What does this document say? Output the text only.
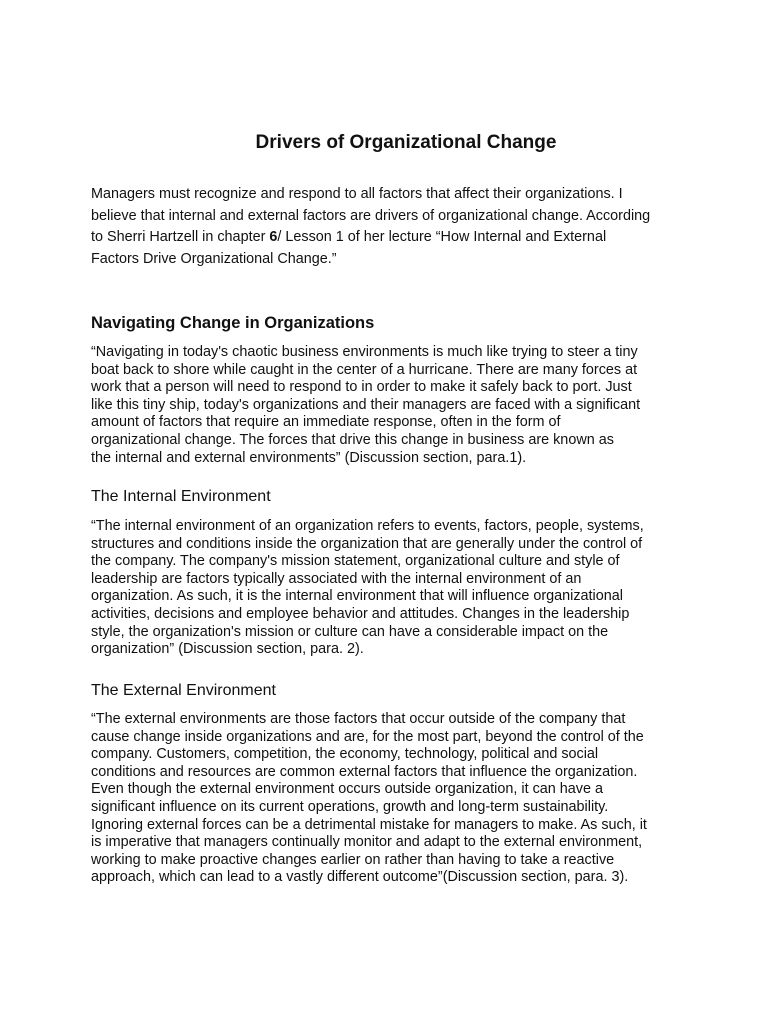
Drivers of Organizational Change
Managers must recognize and respond to all factors that affect their organizations. I
believe that internal and external factors are drivers of organizational change. According
to Sherri Hartzell in chapter 6/ Lesson 1 of her lecture “How Internal and External
Factors Drive Organizational Change.”
Navigating Change in Organizations
“Navigating in today's chaotic business environments is much like trying to steer a tiny
boat back to shore while caught in the center of a hurricane. There are many forces at
work that a person will need to respond to in order to make it safely back to port. Just
like this tiny ship, today's organizations and their managers are faced with a significant
amount of factors that require an immediate response, often in the form of
organizational change. The forces that drive this change in business are known as
the internal and external environments” (Discussion section, para.1).
The Internal Environment
“The internal environment of an organization refers to events, factors, people, systems,
structures and conditions inside the organization that are generally under the control of
the company. The company's mission statement, organizational culture and style of
leadership are factors typically associated with the internal environment of an
organization. As such, it is the internal environment that will influence organizational
activities, decisions and employee behavior and attitudes. Changes in the leadership
style, the organization's mission or culture can have a considerable impact on the
organization” (Discussion section, para. 2).
The External Environment
“The external environments are those factors that occur outside of the company that
cause change inside organizations and are, for the most part, beyond the control of the
company. Customers, competition, the economy, technology, political and social
conditions and resources are common external factors that influence the organization.
Even though the external environment occurs outside organization, it can have a
significant influence on its current operations, growth and long-term sustainability.
Ignoring external forces can be a detrimental mistake for managers to make. As such, it
is imperative that managers continually monitor and adapt to the external environment,
working to make proactive changes earlier on rather than having to take a reactive
approach, which can lead to a vastly different outcome”(Discussion section, para. 3).
